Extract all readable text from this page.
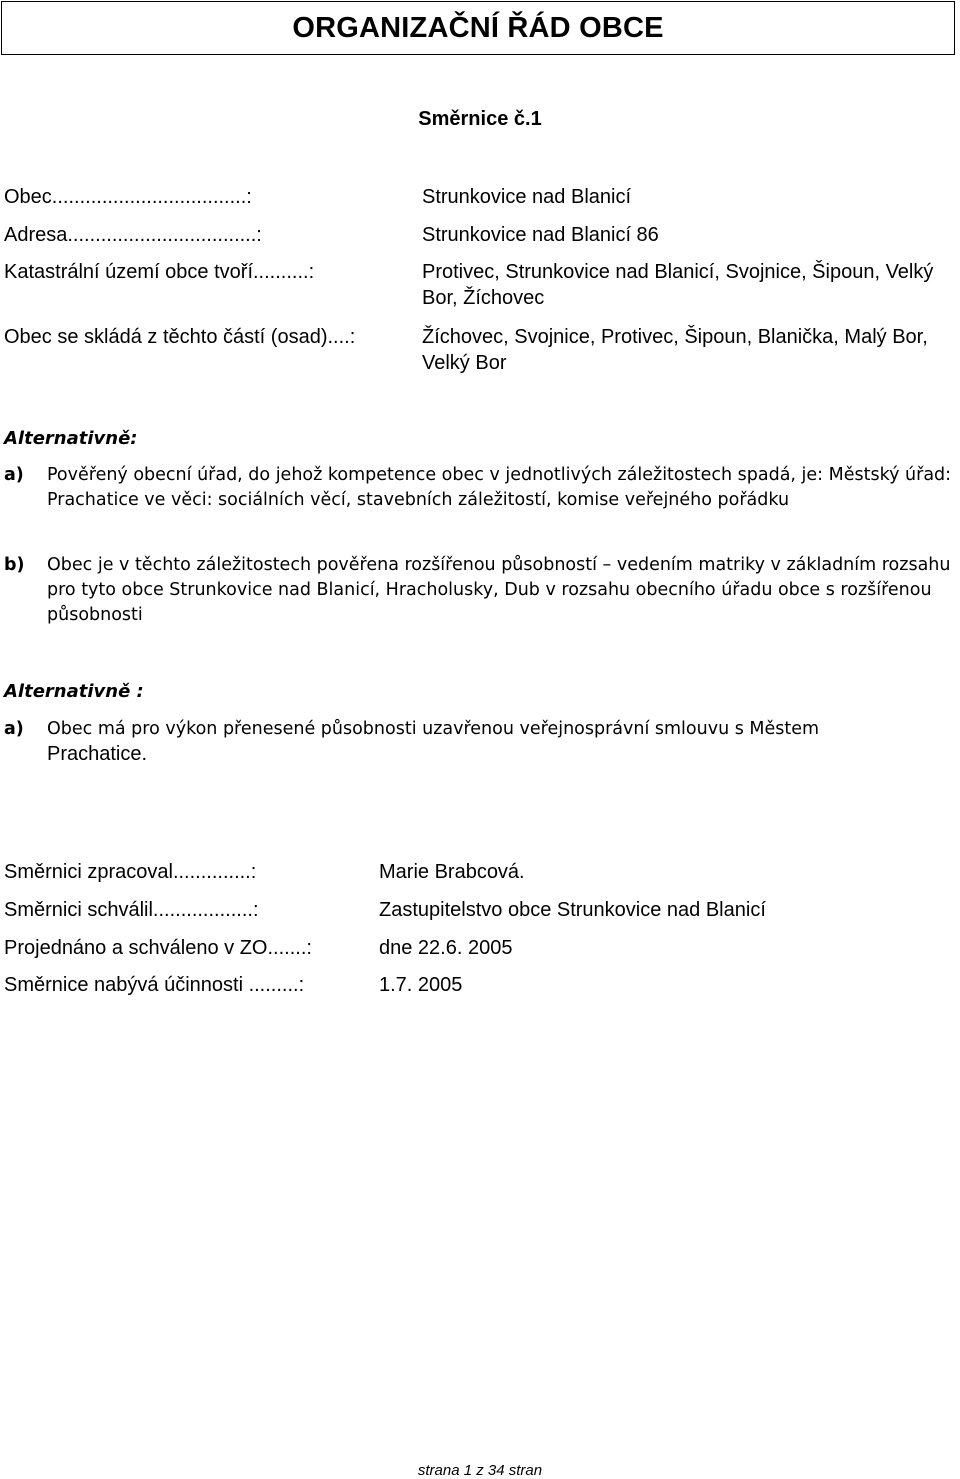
ORGANIZAČNÍ ŘÁD OBCE
Směrnice č.1
Obec...................................:	Strunkovice nad Blanicí
Adresa..................................:	Strunkovice nad Blanicí 86
Katastrální území obce tvoří..........:	Protivec, Strunkovice nad Blanicí, Svojnice, Šipoun, Velký Bor, Žíchovec
Obec se skládá z těchto částí (osad)....:	Žíchovec, Svojnice, Protivec, Šipoun, Blanička, Malý Bor, Velký Bor
Alternativně:
a) Pověřený obecní úřad, do jehož kompetence obec v jednotlivých záležitostech spadá, je: Městský úřad: Prachatice ve věci: sociálních věcí, stavebních záležitostí, komise veřejného pořádku
b) Obec je v těchto záležitostech pověřena rozšířenou působností – vedením matriky v základním rozsahu pro tyto obce Strunkovice nad Blanicí, Hracholusky, Dub v rozsahu obecního úřadu obce s rozšířenou působnosti
Alternativně :
a) Obec má pro výkon přenesené působnosti uzavřenou veřejnosprávní smlouvu s Městem
Prachatice.
Směrnici zpracoval..............:	Marie Brabcová.
Směrnici schválil..................:	Zastupitelstvo obce Strunkovice nad Blanicí
Projednáno a schváleno v ZO.......:	dne 22.6. 2005
Směrnice nabývá účinnosti .........:	1.7. 2005
strana 1 z 34 stran
